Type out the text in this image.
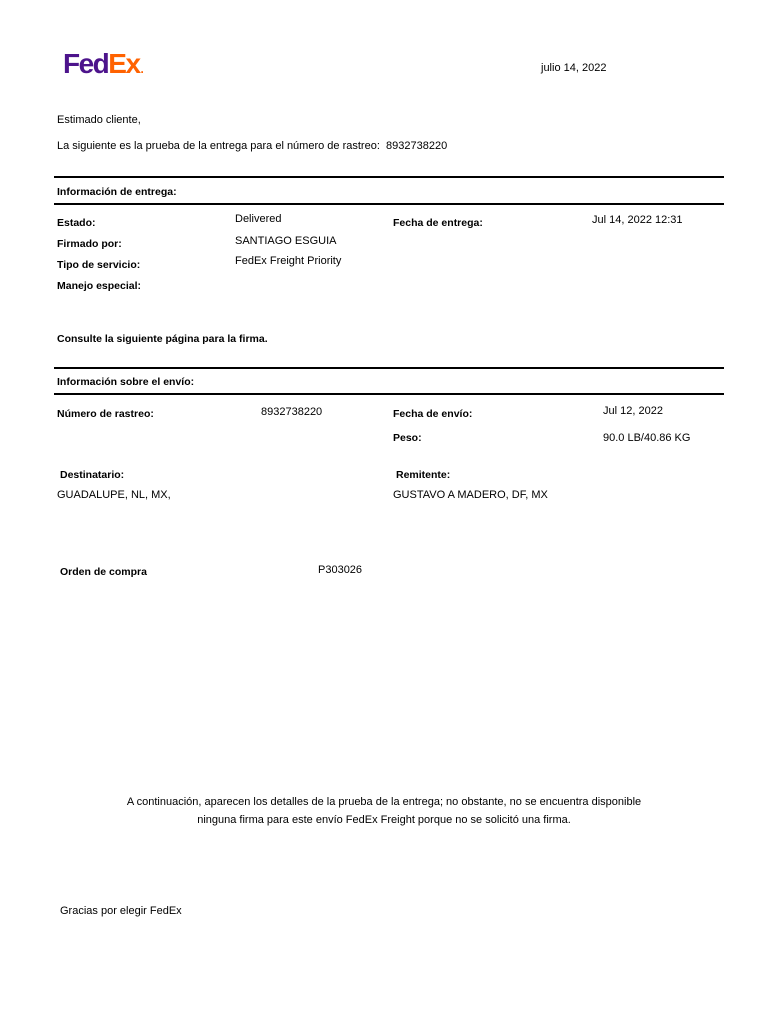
FedEx.	julio 14, 2022
Estimado cliente,
La siguiente es la prueba de la entrega para el número de rastreo: 8932738220
Información de entrega:
Estado:	Delivered	Fecha de entrega:	Jul 14, 2022 12:31
Firmado por:	SANTIAGO ESGUIA
Tipo de servicio:	FedEx Freight Priority
Manejo especial:
Consulte la siguiente página para la firma.
Información sobre el envío:
Número de rastreo:	8932738220	Fecha de envío:	Jul 12, 2022
Peso:	90.0 LB/40.86 KG
Destinatario:
GUADALUPE, NL, MX,
Remitente:
GUSTAVO A MADERO, DF, MX
Orden de compra	P303026
A continuación, aparecen los detalles de la prueba de la entrega; no obstante, no se encuentra disponible
ninguna firma para este envío FedEx Freight porque no se solicitó una firma.
Gracias por elegir FedEx
